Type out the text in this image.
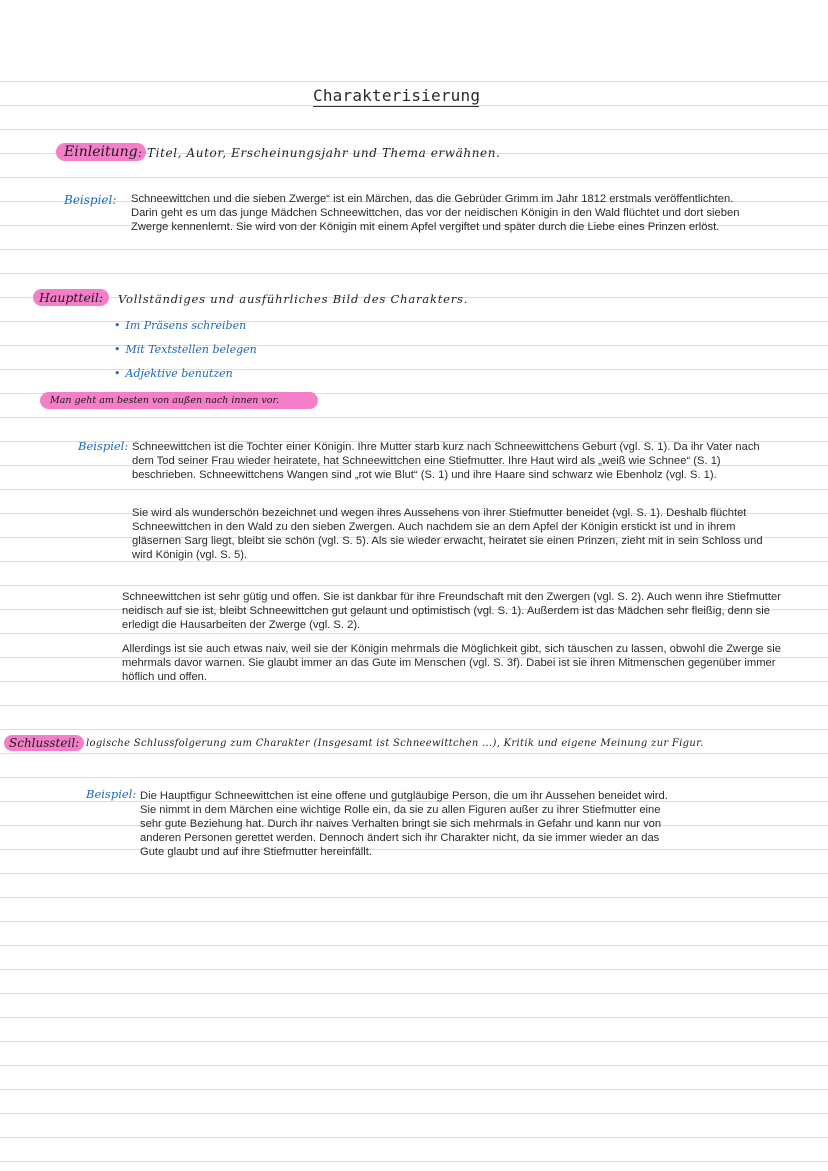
Charakterisierung
Einleitung : Titel, Autor, Erscheinungsjahr und Thema erwähnen.
Beispiel: Schneewittchen und die sieben Zwerge“ ist ein Märchen, das die Gebrüder Grimm im Jahr 1812 erstmals veröffentlichten. Darin geht es um das junge Mädchen Schneewittchen, das vor der neidischen Königin in den Wald flüchtet und dort sieben Zwerge kennenlernt. Sie wird von der Königin mit einem Apfel vergiftet und später durch die Liebe eines Prinzen erlöst.

Hauptteil:	Vollständiges und ausführliches Bild des Charakters.
• Im Präsens schreiben
• Mit Textstellen belegen
• Adjektive benutzen
Man geht am besten von außen nach innen vor.
Beispiel: Schneewittchen ist die Tochter einer Königin. Ihre Mutter starb kurz nach Schneewittchens Geburt (vgl. S. 1). Da ihr Vater nach dem Tod seiner Frau wieder heiratete, hat Schneewittchen eine Stiefmutter. Ihre Haut wird als „weiß wie Schnee“ (S. 1) beschrieben. Schneewittchens Wangen sind „rot wie Blut“ (S. 1) und ihre Haare sind schwarz wie Ebenholz (vgl. S. 1).

Sie wird als wunderschön bezeichnet und wegen ihres Aussehens von ihrer Stiefmutter beneidet (vgl. S. 1). Deshalb flüchtet Schneewittchen in den Wald zu den sieben Zwergen. Auch nachdem sie an dem Apfel der Königin erstickt ist und in ihrem gläsernen Sarg liegt, bleibt sie schön (vgl. S. 5). Als sie wieder erwacht, heiratet sie einen Prinzen, zieht mit in sein Schloss und wird Königin (vgl. S. 5).

Schneewittchen ist sehr gütig und offen. Sie ist dankbar für ihre Freundschaft mit den Zwergen (vgl. S. 2). Auch wenn ihre Stiefmutter neidisch auf sie ist, bleibt Schneewittchen gut gelaunt und optimistisch (vgl. S. 1). Außerdem ist das Mädchen sehr fleißig, denn sie erledigt die Hausarbeiten der Zwerge (vgl. S. 2).

Allerdings ist sie auch etwas naiv, weil sie der Königin mehrmals die Möglichkeit gibt, sich täuschen zu lassen, obwohl die Zwerge sie mehrmals davor warnen. Sie glaubt immer an das Gute im Menschen (vgl. S. 3f). Dabei ist sie ihren Mitmenschen gegenüber immer höflich und offen.

Schlussteil: logische Schlussfolgerung zum Charakter (Insgesamt ist Schneewittchen ...), Kritik und eigene Meinung zur Figur.
Beispiel: Die Hauptfigur Schneewittchen ist eine offene und gutgläubige Person, die um ihr Aussehen beneidet wird. Sie nimmt in dem Märchen eine wichtige Rolle ein, da sie zu allen Figuren außer zu ihrer Stiefmutter eine sehr gute Beziehung hat. Durch ihr naives Verhalten bringt sie sich mehrmals in Gefahr und kann nur von anderen Personen gerettet werden. Dennoch ändert sich ihr Charakter nicht, da sie immer wieder an das Gute glaubt und auf ihre Stiefmutter hereinfällt.
